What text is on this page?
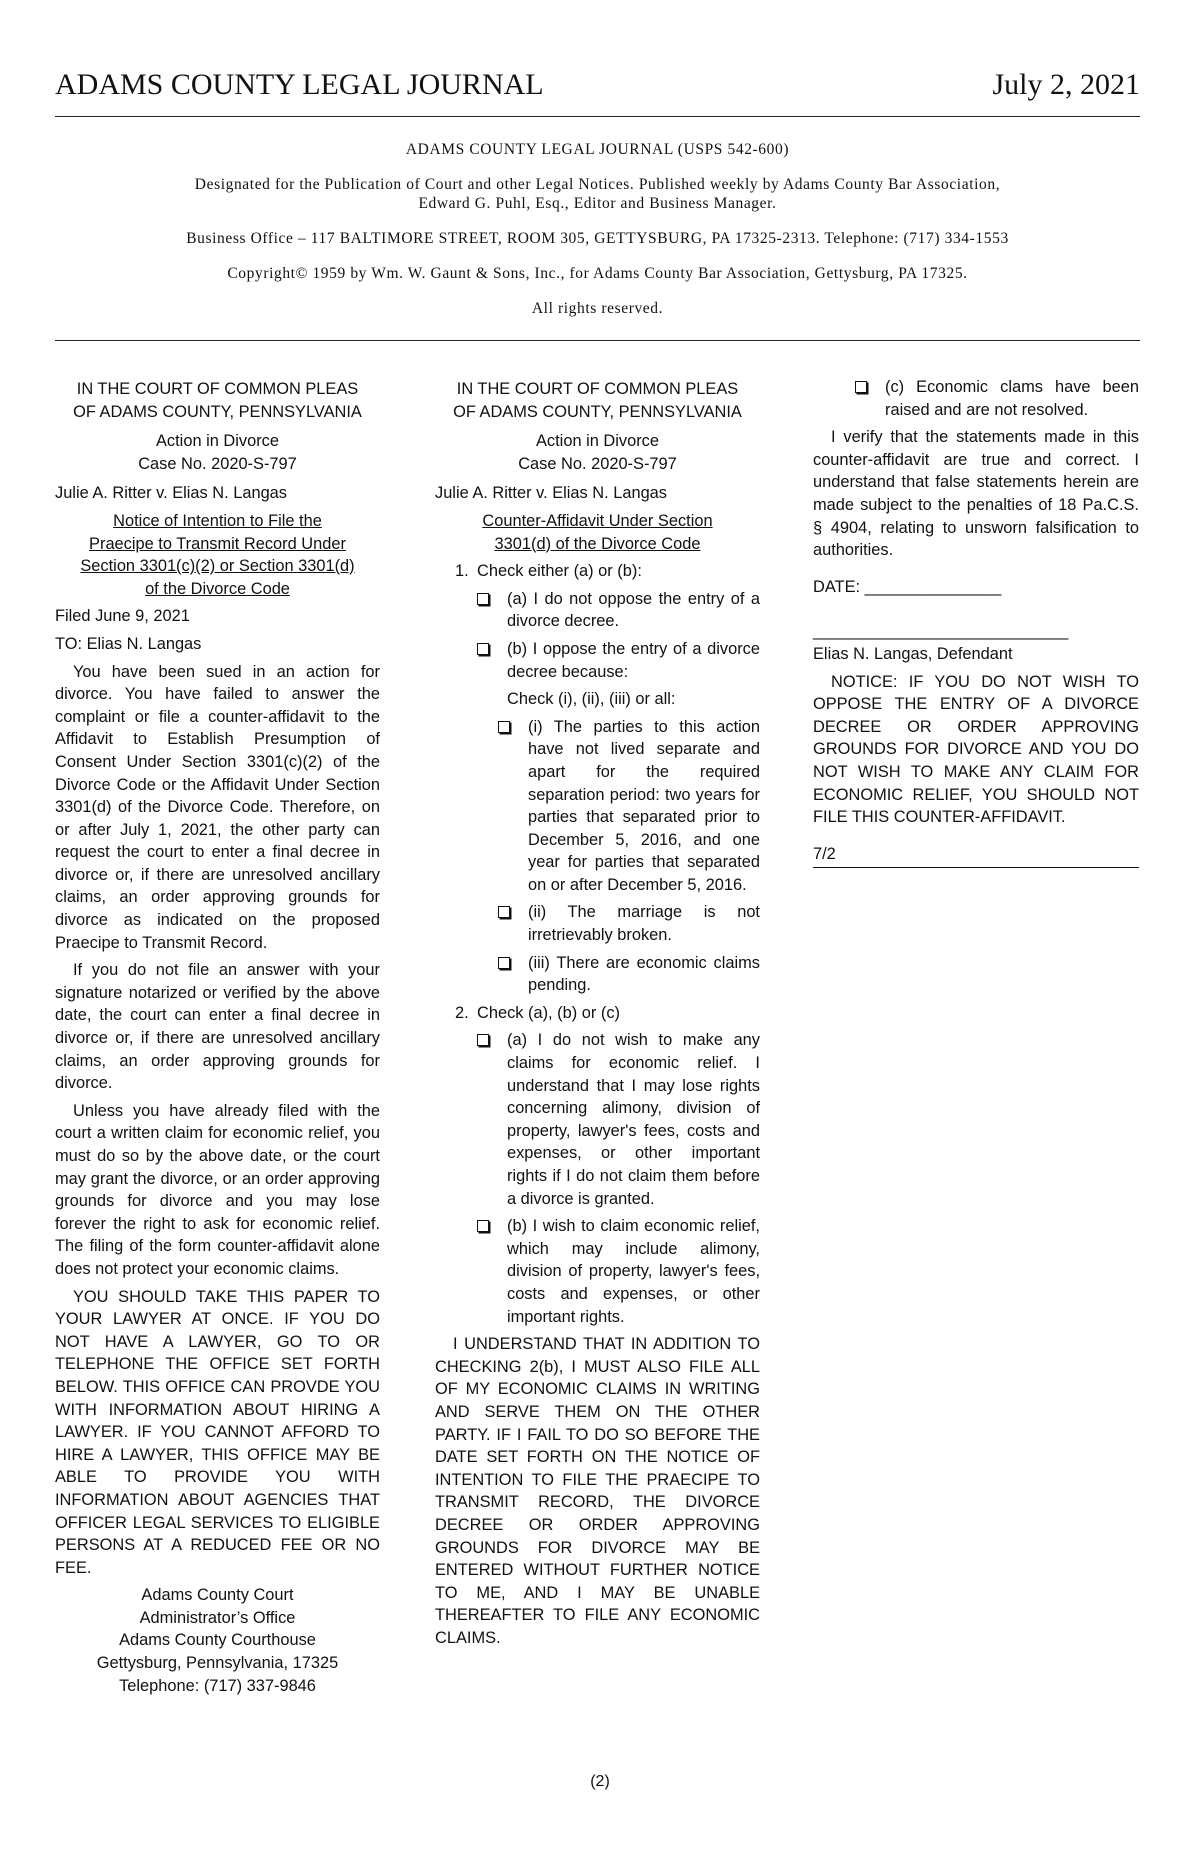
ADAMS COUNTY LEGAL JOURNAL	July 2, 2021

ADAMS COUNTY LEGAL JOURNAL (USPS 542-600)

Designated for the Publication of Court and other Legal Notices. Published weekly by Adams County Bar Association,
Edward G. Puhl, Esq., Editor and Business Manager.

Business Office – 117 BALTIMORE STREET, ROOM 305, GETTYSBURG, PA 17325-2313. Telephone: (717) 334-1553

Copyright© 1959 by Wm. W. Gaunt & Sons, Inc., for Adams County Bar Association, Gettysburg, PA 17325.

All rights reserved.

IN THE COURT OF COMMON PLEAS
OF ADAMS COUNTY, PENNSYLVANIA

Action in Divorce
Case No. 2020-S-797

Julie A. Ritter v. Elias N. Langas

Notice of Intention to File the
Praecipe to Transmit Record Under
Section 3301(c)(2) or Section 3301(d)
of the Divorce Code

Filed June 9, 2021

TO: Elias N. Langas

You have been sued in an action for divorce. You have failed to answer the complaint or file a counter-affidavit to the Affidavit to Establish Presumption of Consent Under Section 3301(c)(2) of the Divorce Code or the Affidavit Under Section 3301(d) of the Divorce Code. Therefore, on or after July 1, 2021, the other party can request the court to enter a final decree in divorce or, if there are unresolved ancillary claims, an order approving grounds for divorce as indicated on the proposed Praecipe to Transmit Record.

If you do not file an answer with your signature notarized or verified by the above date, the court can enter a final decree in divorce or, if there are unresolved ancillary claims, an order approving grounds for divorce.

Unless you have already filed with the court a written claim for economic relief, you must do so by the above date, or the court may grant the divorce, or an order approving grounds for divorce and you may lose forever the right to ask for economic relief. The filing of the form counter-affidavit alone does not protect your economic claims.

YOU SHOULD TAKE THIS PAPER TO YOUR LAWYER AT ONCE. IF YOU DO NOT HAVE A LAWYER, GO TO OR TELEPHONE THE OFFICE SET FORTH BELOW. THIS OFFICE CAN PROVDE YOU WITH INFORMATION ABOUT HIRING A LAWYER. IF YOU CANNOT AFFORD TO HIRE A LAWYER, THIS OFFICE MAY BE ABLE TO PROVIDE YOU WITH INFORMATION ABOUT AGENCIES THAT OFFICER LEGAL SERVICES TO ELIGIBLE PERSONS AT A REDUCED FEE OR NO FEE.

Adams County Court
Administrator’s Office
Adams County Courthouse
Gettysburg, Pennsylvania, 17325
Telephone: (717) 337-9846

IN THE COURT OF COMMON PLEAS
OF ADAMS COUNTY, PENNSYLVANIA

Action in Divorce
Case No. 2020-S-797

Julie A. Ritter v. Elias N. Langas

Counter-Affidavit Under Section
3301(d) of the Divorce Code

1. Check either (a) or (b):

(a) I do not oppose the entry of a divorce decree.

(b) I oppose the entry of a divorce decree because:

Check (i), (ii), (iii) or all:

(i) The parties to this action have not lived separate and apart for the required separation period: two years for parties that separated prior to December 5, 2016, and one year for parties that separated on or after December 5, 2016.

(ii) The marriage is not irretrievably broken.

(iii) There are economic claims pending.

2. Check (a), (b) or (c)

(a) I do not wish to make any claims for economic relief. I understand that I may lose rights concerning alimony, division of property, lawyer's fees, costs and expenses, or other important rights if I do not claim them before a divorce is granted.

(b) I wish to claim economic relief, which may include alimony, division of property, lawyer's fees, costs and expenses, or other important rights.

I UNDERSTAND THAT IN ADDITION TO CHECKING 2(b), I MUST ALSO FILE ALL OF MY ECONOMIC CLAIMS IN WRITING AND SERVE THEM ON THE OTHER PARTY. IF I FAIL TO DO SO BEFORE THE DATE SET FORTH ON THE NOTICE OF INTENTION TO FILE THE PRAECIPE TO TRANSMIT RECORD, THE DIVORCE DECREE OR ORDER APPROVING GROUNDS FOR DIVORCE MAY BE ENTERED WITHOUT FURTHER NOTICE TO ME, AND I MAY BE UNABLE THEREAFTER TO FILE ANY ECONOMIC CLAIMS.

(c) Economic clams have been raised and are not resolved.

I verify that the statements made in this counter-affidavit are true and correct. I understand that false statements herein are made subject to the penalties of 18 Pa.C.S. § 4904, relating to unsworn falsification to authorities.

DATE: _______________

____________________________

Elias N. Langas, Defendant

NOTICE: IF YOU DO NOT WISH TO OPPOSE THE ENTRY OF A DIVORCE DECREE OR ORDER APPROVING GROUNDS FOR DIVORCE AND YOU DO NOT WISH TO MAKE ANY CLAIM FOR ECONOMIC RELIEF, YOU SHOULD NOT FILE THIS COUNTER-AFFIDAVIT.

7/2

(2)
